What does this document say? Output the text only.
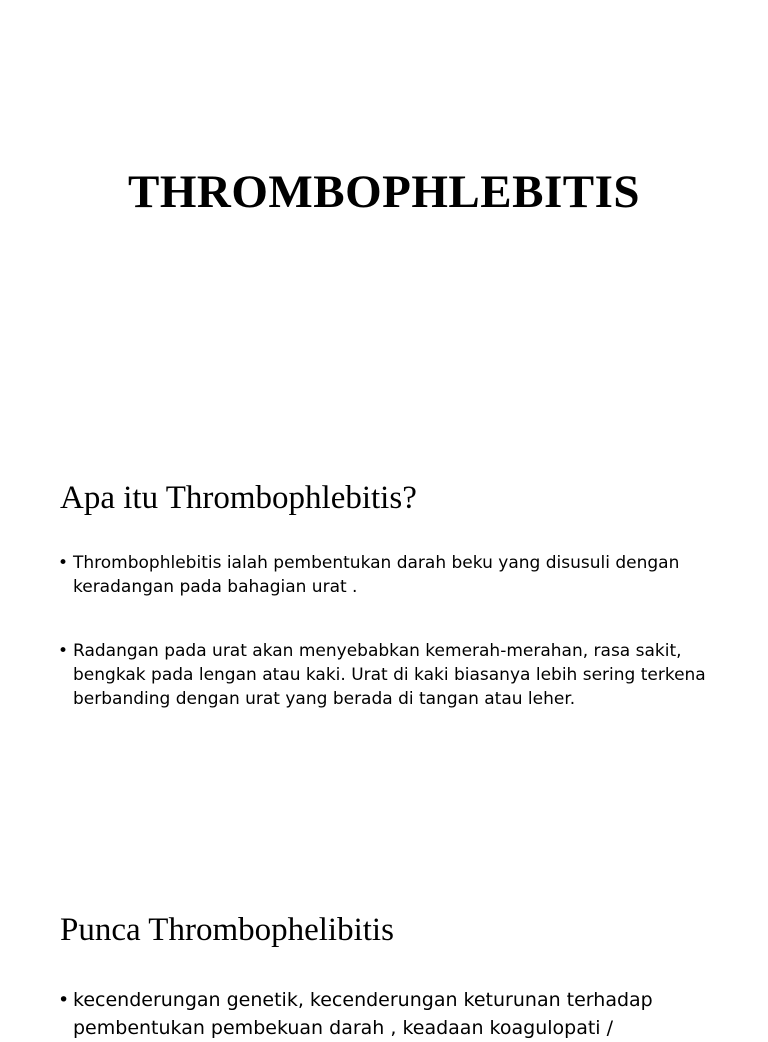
THROMBOPHLEBITIS
Apa itu Thrombophlebitis?
• Thrombophlebitis ialah pembentukan darah beku yang disusuli dengan keradangan pada bahagian urat .
• Radangan pada urat akan menyebabkan kemerah-merahan, rasa sakit, bengkak pada lengan atau kaki. Urat di kaki biasanya lebih sering terkena berbanding dengan urat yang berada di tangan atau leher.
Punca Thrombophelibitis
• kecenderungan genetik, kecenderungan keturunan terhadap pembentukan pembekuan darah , keadaan koagulopati /
